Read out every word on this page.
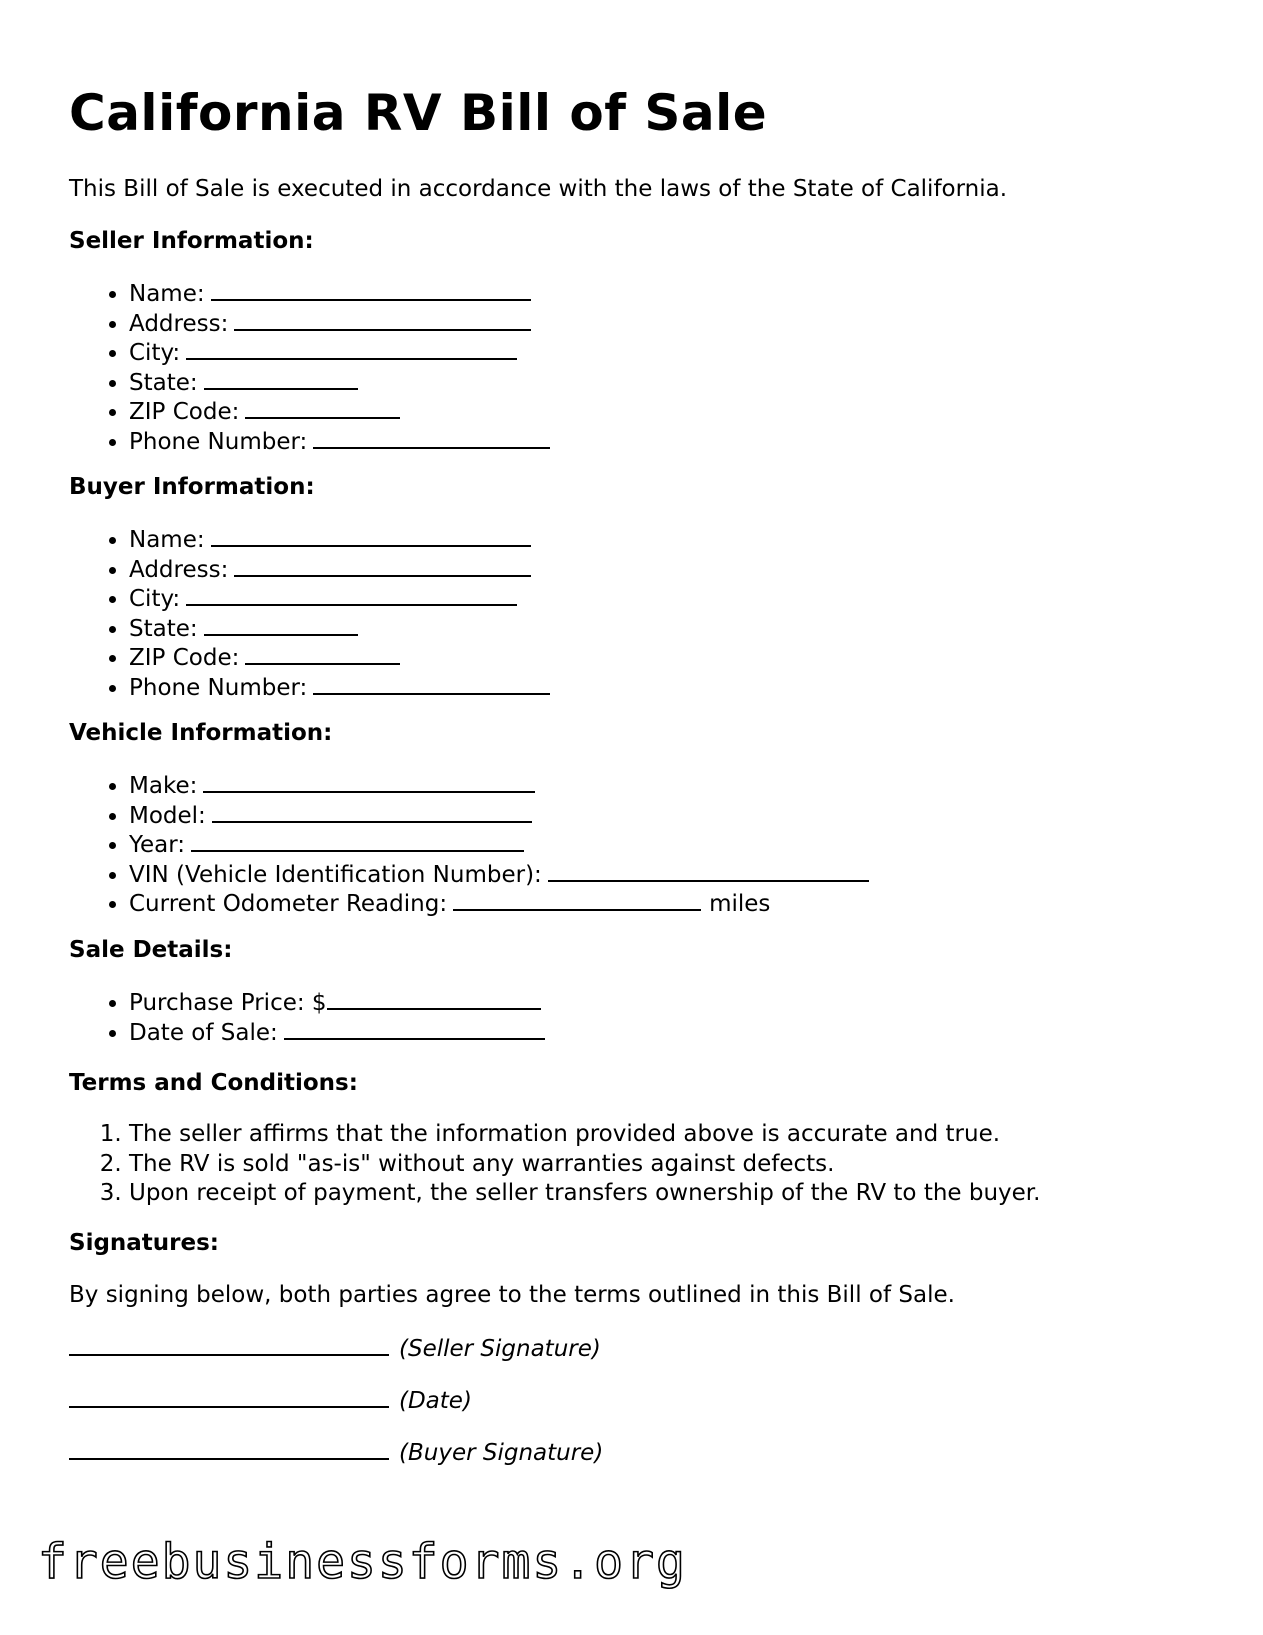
California RV Bill of Sale

This Bill of Sale is executed in accordance with the laws of the State of California.

Seller Information:

• Name:
• Address:
• City:
• State:
• ZIP Code:
• Phone Number:

Buyer Information:

• Name:
• Address:
• City:
• State:
• ZIP Code:
• Phone Number:

Vehicle Information:

• Make:
• Model:
• Year:
• VIN (Vehicle Identification Number):
• Current Odometer Reading:	miles

Sale Details:

• Purchase Price: $
• Date of Sale:

Terms and Conditions:

1. The seller affirms that the information provided above is accurate and true.
2. The RV is sold "as-is" without any warranties against defects.
3. Upon receipt of payment, the seller transfers ownership of the RV to the buyer.

Signatures:

By signing below, both parties agree to the terms outlined in this Bill of Sale.

(Seller Signature)
(Date)
(Buyer Signature)
freebusinessforms.org
